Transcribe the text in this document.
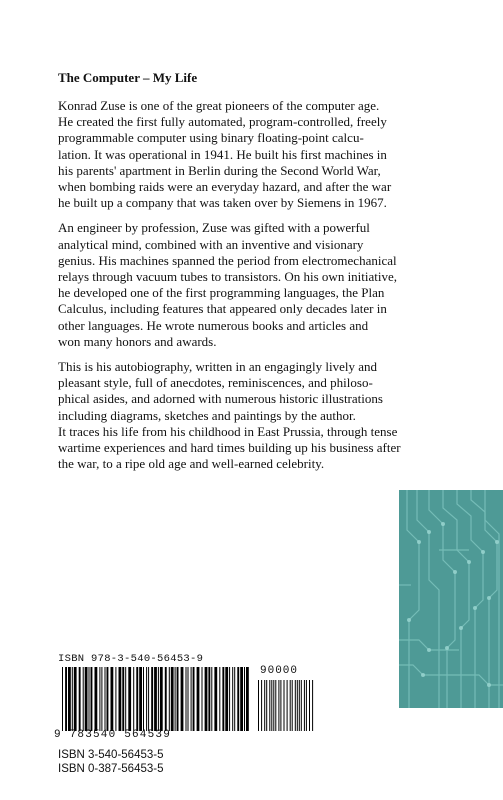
The Computer – My Life

Konrad Zuse is one of the great pioneers of the computer age.
He created the first fully automated, program-controlled, freely
programmable computer using binary floating-point calcu-
lation. It was operational in 1941. He built his first machines in
his parents' apartment in Berlin during the Second World War,
when bombing raids were an everyday hazard, and after the war
he built up a company that was taken over by Siemens in 1967.

An engineer by profession, Zuse was gifted with a powerful
analytical mind, combined with an inventive and visionary
genius. His machines spanned the period from electromechanical
relays through vacuum tubes to transistors. On his own initiative,
he developed one of the first programming languages, the Plan
Calculus, including features that appeared only decades later in
other languages. He wrote numerous books and articles and
won many honors and awards.

This is his autobiography, written in an engagingly lively and
pleasant style, full of anecdotes, reminiscences, and philoso-
phical asides, and adorned with numerous historic illustrations
including diagrams, sketches and paintings by the author.
It traces his life from his childhood in East Prussia, through tense
wartime experiences and hard times building up his business after
the war, to a ripe old age and well-earned celebrity.

ISBN 978-3-540-56453-9
90000
9 783540 564539
ISBN 3-540-56453-5
ISBN 0-387-56453-5
